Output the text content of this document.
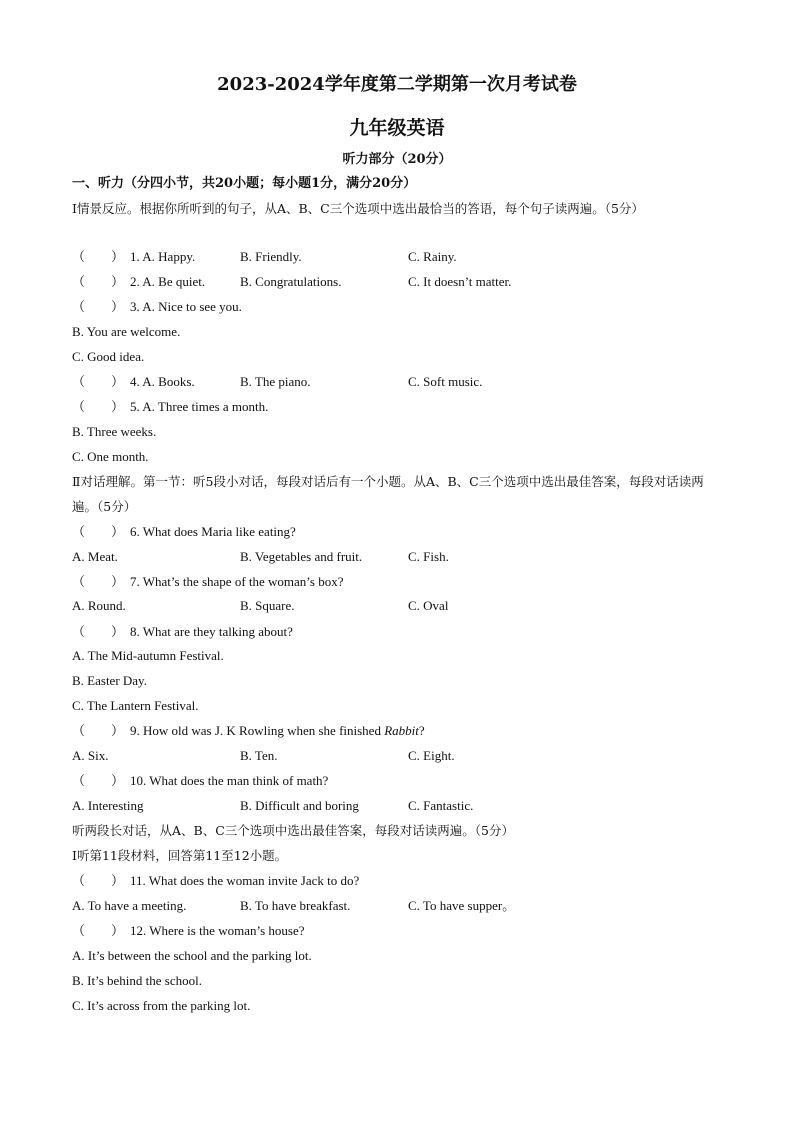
2023-2024学年度第二学期第一次月考试卷
九年级英语
听力部分（20分）
一、听力（分四小节，共20小题；每小题1分，满分20分）
Ⅰ情景反应。根据你所听到的句子，从A、B、C三个选项中选出最恰当的答语，每个句子读两遍。（5分）
（　　） 1. A. Happy.	B. Friendly.	C. Rainy.
（　　） 2. A. Be quiet.	B. Congratulations.	C. It doesn’t matter.
（　　） 3. A. Nice to see you.
B. You are welcome.
C. Good idea.
（　　） 4. A. Books.	B. The piano.	C. Soft music.
（　　） 5. A. Three times a month.
B. Three weeks.
C. One month.
Ⅱ对话理解。第一节：听5段小对话，每段对话后有一个小题。从A、B、C三个选项中选出最佳答案，每段对话读两遍。（5分）
（　　） 6. What does Maria like eating?
A. Meat.	B. Vegetables and fruit.	C. Fish.
（　　） 7. What’s the shape of the woman’s box?
A. Round.	B. Square.	C. Oval
（　　） 8. What are they talking about?
A. The Mid-autumn Festival.
B. Easter Day.
C. The Lantern Festival.
（　　） 9. How old was J. K Rowling when she finished Rabbit?
A. Six.	B. Ten.	C. Eight.
（　　） 10. What does the man think of math?
A. Interesting	B. Difficult and boring	C. Fantastic.
听两段长对话，从A、B、C三个选项中选出最佳答案，每段对话读两遍。（5分）
Ⅰ听第11段材料，回答第11至12小题。
（　　） 11. What does the woman invite Jack to do?
A. To have a meeting.	B. To have breakfast.	C. To have supper。
（　　） 12. Where is the woman’s house?
A. It’s between the school and the parking lot.
B. It’s behind the school.
C. It’s across from the parking lot.
